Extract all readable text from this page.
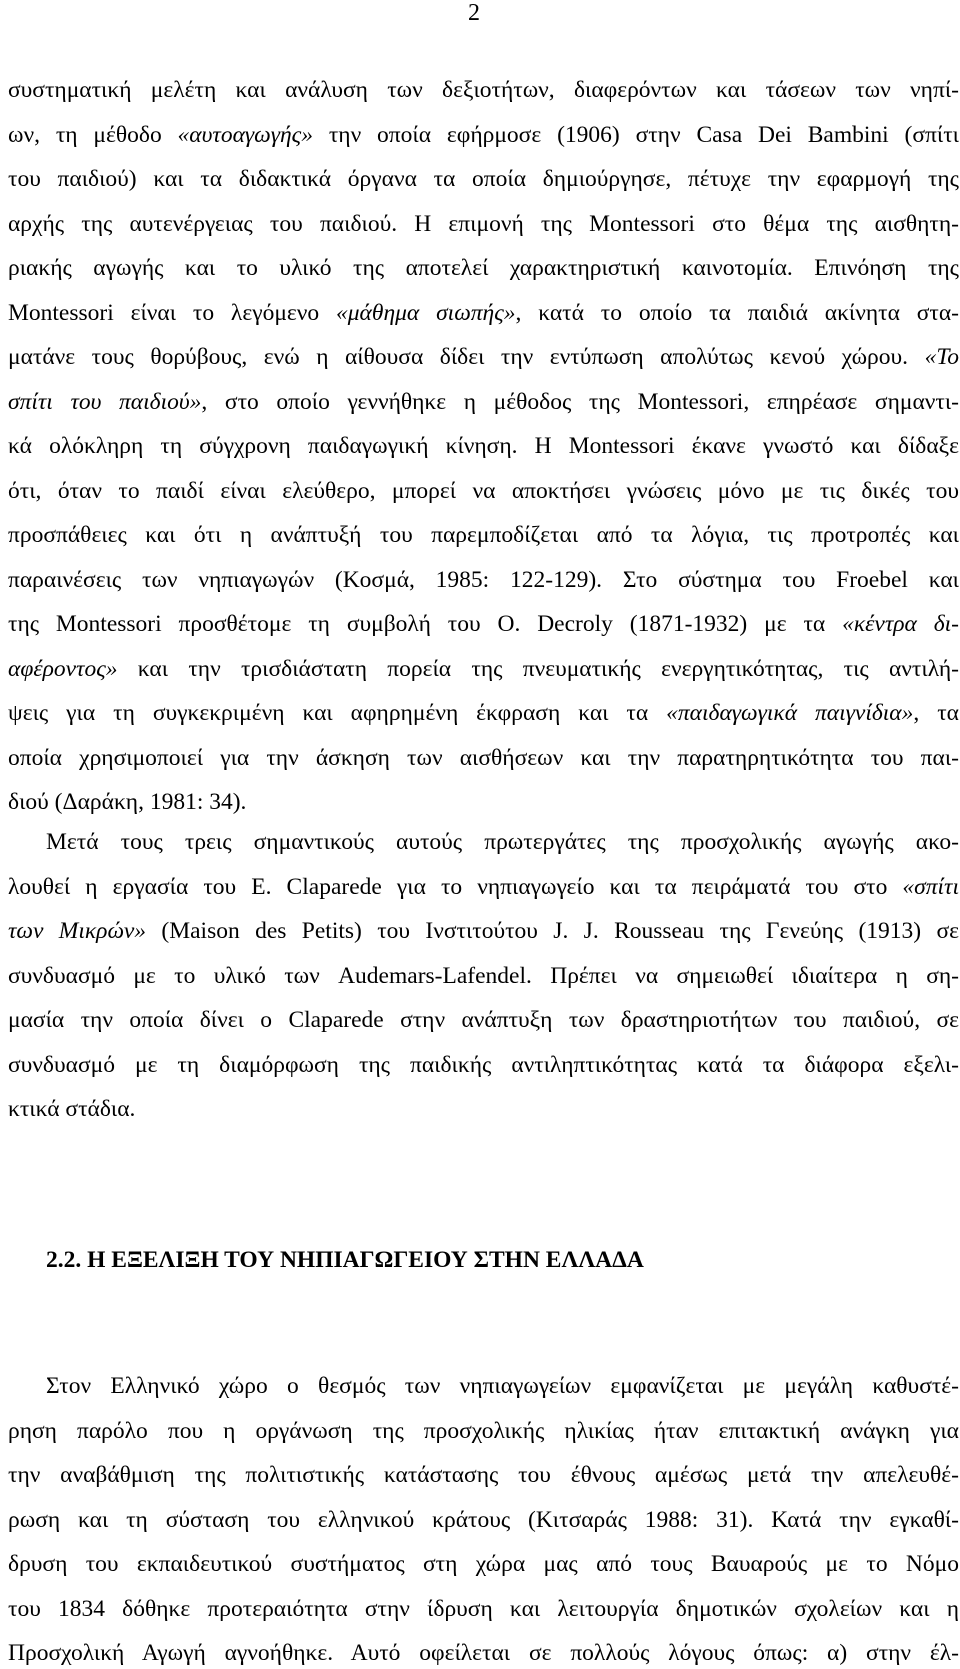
2
συστηματική μελέτη και ανάλυση των δεξιοτήτων, διαφερόντων και τάσεων των νηπί-
ων, τη μέθοδο «αυτοαγωγής» την οποία εφήρμοσε (1906) στην Casa Dei Bambini (σπίτι
του παιδιού) και τα διδακτικά όργανα τα οποία δημιούργησε, πέτυχε την εφαρμογή της
αρχής της αυτενέργειας του παιδιού. Η επιμονή της Montessori στο θέμα της αισθητη-
ριακής αγωγής και το υλικό της αποτελεί χαρακτηριστική καινοτομία. Επινόηση της
Montessori είναι το λεγόμενο «μάθημα σιωπής», κατά το οποίο τα παιδιά ακίνητα στα-
ματάνε τους θορύβους, ενώ η αίθουσα δίδει την εντύπωση απολύτως κενού χώρου. «Το
σπίτι του παιδιού», στο οποίο γεννήθηκε η μέθοδος της Montessori, επηρέασε σημαντι-
κά ολόκληρη τη σύγχρονη παιδαγωγική κίνηση. Η Montessori έκανε γνωστό και δίδαξε
ότι, όταν το παιδί είναι ελεύθερο, μπορεί να αποκτήσει γνώσεις μόνο με τις δικές του
προσπάθειες και ότι η ανάπτυξή του παρεμποδίζεται από τα λόγια, τις προτροπές και
παραινέσεις των νηπιαγωγών (Κοσμά, 1985: 122-129). Στο σύστημα του Froebel και
της Montessori προσθέτομε τη συμβολή του O. Decroly (1871-1932) με τα «κέντρα δι-
αφέροντος» και την τρισδιάστατη πορεία της πνευματικής ενεργητικότητας, τις αντιλή-
ψεις για τη συγκεκριμένη και αφηρημένη έκφραση και τα «παιδαγωγικά παιγνίδια», τα
οποία χρησιμοποιεί για την άσκηση των αισθήσεων και την παρατηρητικότητα του παι-
διού (Δαράκη, 1981: 34).
Μετά τους τρεις σημαντικούς αυτούς πρωτεργάτες της προσχολικής αγωγής ακο-
λουθεί η εργασία του E. Claparede για το νηπιαγωγείο και τα πειράματά του στο «σπίτι
των Μικρών» (Maison des Petits) του Ινστιτούτου J. J. Rousseau της Γενεύης (1913) σε
συνδυασμό με το υλικό των Audemars-Lafendel. Πρέπει να σημειωθεί ιδιαίτερα η ση-
μασία την οποία δίνει ο Claparede στην ανάπτυξη των δραστηριοτήτων του παιδιού, σε
συνδυασμό με τη διαμόρφωση της παιδικής αντιληπτικότητας κατά τα διάφορα εξελι-
κτικά στάδια.
Στον Ελληνικό χώρο ο θεσμός των νηπιαγωγείων εμφανίζεται με μεγάλη καθυστέ-
ρηση παρόλο που η οργάνωση της προσχολικής ηλικίας ήταν επιτακτική ανάγκη για
την αναβάθμιση της πολιτιστικής κατάστασης του έθνους αμέσως μετά την απελευθέ-
ρωση και τη σύσταση του ελληνικού κράτους (Κιτσαράς 1988: 31). Κατά την εγκαθί-
δρυση του εκπαιδευτικού συστήματος στη χώρα μας από τους Βαυαρούς με το Νόμο
του 1834 δόθηκε προτεραιότητα στην ίδρυση και λειτουργία δημοτικών σχολείων και η
Προσχολική Αγωγή αγνοήθηκε. Αυτό οφείλεται σε πολλούς λόγους όπως: α) στην έλ-
2.2. Η ΕΞΕΛΙΞΗ ΤΟΥ ΝΗΠΙΑΓΩΓΕΙΟΥ ΣΤΗΝ ΕΛΛΑΔΑ
